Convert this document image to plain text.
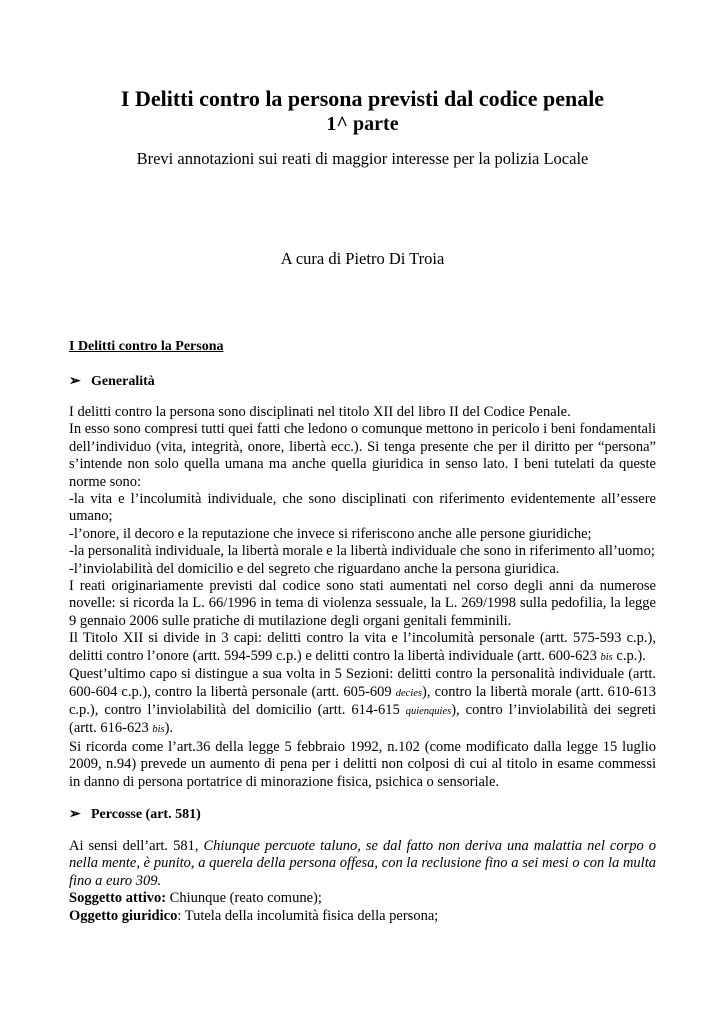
I Delitti contro la persona previsti dal codice penale
1^ parte
Brevi annotazioni sui reati di maggior interesse per la polizia Locale
A cura di Pietro Di Troia
I Delitti contro la Persona
➢ Generalità

I delitti contro la persona sono disciplinati nel titolo XII del libro II del Codice Penale.

In esso sono compresi tutti quei fatti che ledono o comunque mettono in pericolo i beni fondamentali dell’individuo (vita, integrità, onore, libertà ecc.). Si tenga presente che per il diritto per “persona” s’intende non solo quella umana ma anche quella giuridica in senso lato. I beni tutelati da queste norme sono:

-la vita e l’incolumità individuale, che sono disciplinati con riferimento evidentemente all’essere umano;

-l’onore, il decoro e la reputazione che invece si riferiscono anche alle persone giuridiche;

-la personalità individuale, la libertà morale e la libertà individuale che sono in riferimento all’uomo;

-l’inviolabilità del domicilio e del segreto che riguardano anche la persona giuridica.

I reati originariamente previsti dal codice sono stati aumentati nel corso degli anni da numerose novelle: si ricorda la L. 66/1996 in tema di violenza sessuale, la L. 269/1998 sulla pedofilia, la legge 9 gennaio 2006 sulle pratiche di mutilazione degli organi genitali femminili.

Il Titolo XII si divide in 3 capi: delitti contro la vita e l’incolumità personale (artt. 575-593 c.p.), delitti contro l’onore (artt. 594-599 c.p.) e delitti contro la libertà individuale (artt. 600-623 bis c.p.).

Quest’ultimo capo si distingue a sua volta in 5 Sezioni: delitti contro la personalità individuale (artt. 600-604 c.p.), contro la libertà personale (artt. 605-609 decies), contro la libertà morale (artt. 610-613 c.p.), contro l’inviolabilità del domicilio (artt. 614-615 quienquies), contro l’inviolabilità dei segreti (artt. 616-623 bis).

Si ricorda come l’art.36 della legge 5 febbraio 1992, n.102 (come modificato dalla legge 15 luglio 2009, n.94) prevede un aumento di pena per i delitti non colposi di cui al titolo in esame commessi in danno di persona portatrice di minorazione fisica, psichica o sensoriale.

➢ Percosse (art. 581)

Ai sensi dell’art. 581, Chiunque percuote taluno, se dal fatto non deriva una malattia nel corpo o nella mente, è punito, a querela della persona offesa, con la reclusione fino a sei mesi o con la multa fino a euro 309.

Soggetto attivo: Chiunque (reato comune);

Oggetto giuridico: Tutela della incolumità fisica della persona;
